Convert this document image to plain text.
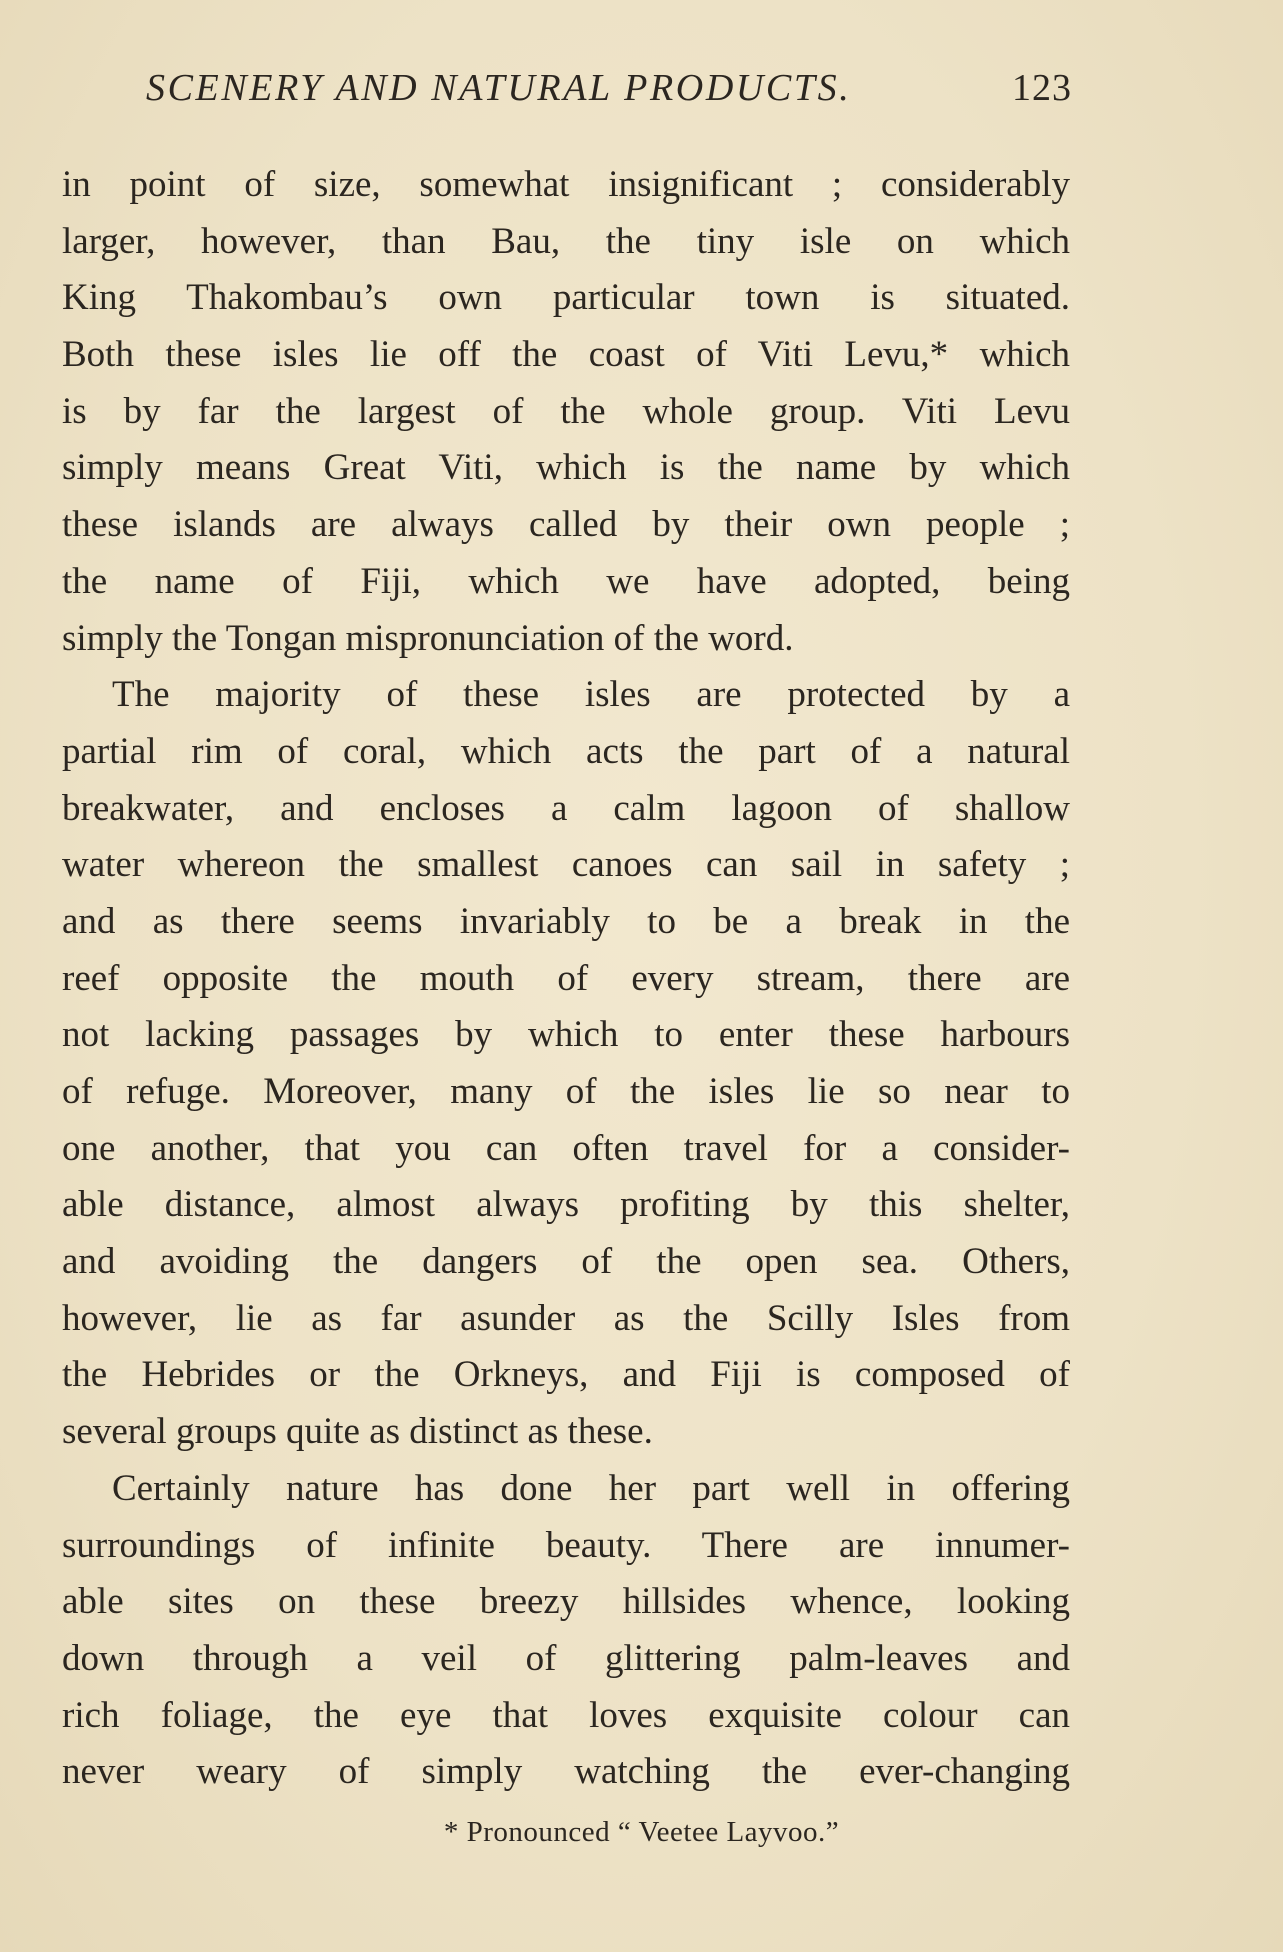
SCENERY AND NATURAL PRODUCTS.	123
in point of size, somewhat insignificant ; considerably
larger, however, than Bau, the tiny isle on which
King Thakombau’s own particular town is situated.
Both these isles lie off the coast of Viti Levu,* which
is by far the largest of the whole group. Viti Levu
simply means Great Viti, which is the name by which
these islands are always called by their own people ;
the name of Fiji, which we have adopted, being
simply the Tongan mispronunciation of the word.
The majority of these isles are protected by a
partial rim of coral, which acts the part of a natural
breakwater, and encloses a calm lagoon of shallow
water whereon the smallest canoes can sail in safety ;
and as there seems invariably to be a break in the
reef opposite the mouth of every stream, there are
not lacking passages by which to enter these harbours
of refuge. Moreover, many of the isles lie so near to
one another, that you can often travel for a consider-
able distance, almost always profiting by this shelter,
and avoiding the dangers of the open sea. Others,
however, lie as far asunder as the Scilly Isles from
the Hebrides or the Orkneys, and Fiji is composed of
several groups quite as distinct as these.
Certainly nature has done her part well in offering
surroundings of infinite beauty. There are innumer-
able sites on these breezy hillsides whence, looking
down through a veil of glittering palm-leaves and
rich foliage, the eye that loves exquisite colour can
never weary of simply watching the ever-changing
* Pronounced “ Veetee Layvoo.”
